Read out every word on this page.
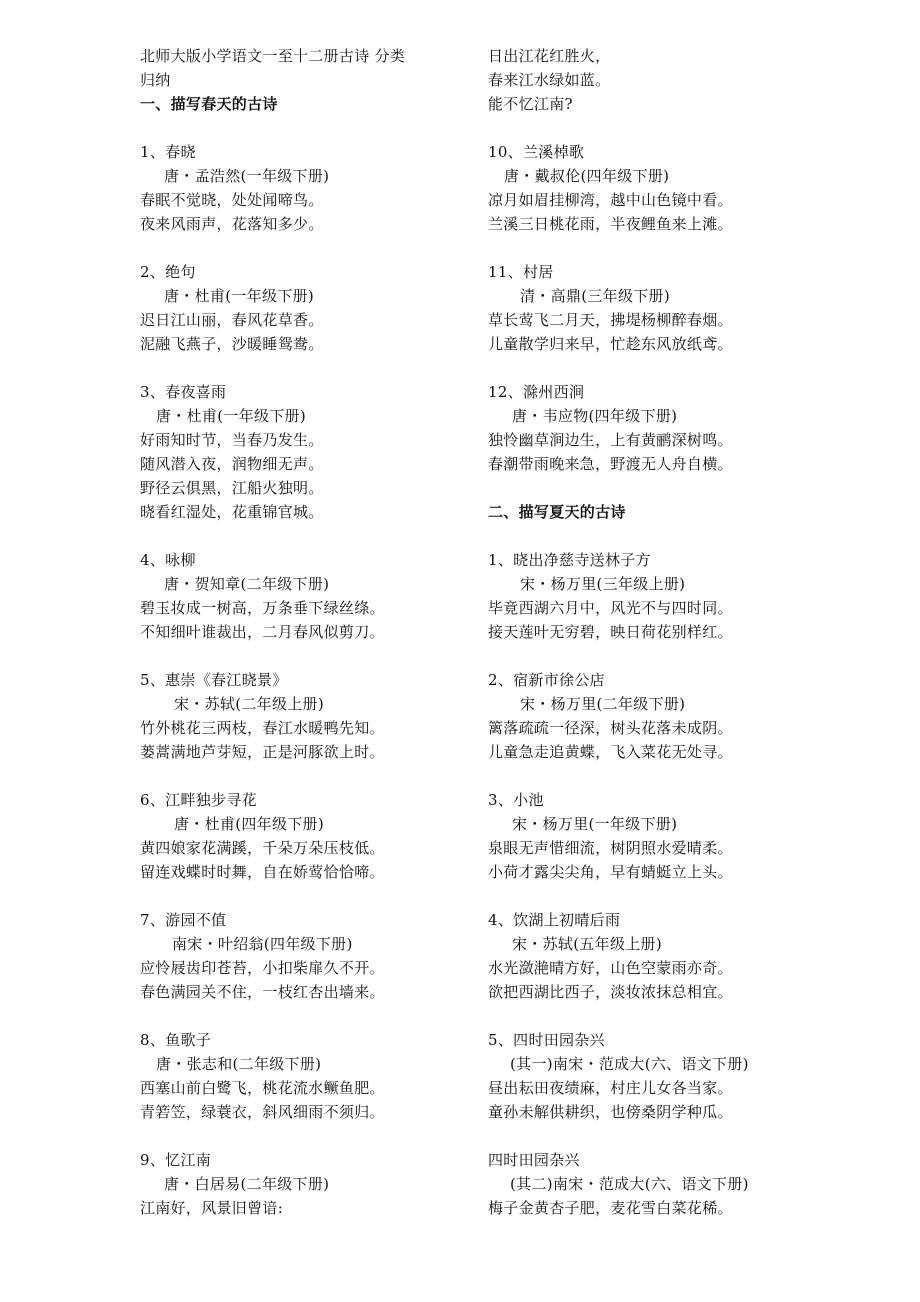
北师大版小学语文一至十二册古诗 分类
归纳
一、描写春天的古诗
1、春晓
唐・孟浩然(一年级下册)
春眠不觉晓，处处闻啼鸟。
夜来风雨声，花落知多少。
2、绝句
唐・杜甫(一年级下册)
迟日江山丽，春风花草香。
泥融飞燕子，沙暖睡鸳鸯。
3、春夜喜雨
唐・杜甫(一年级下册)
好雨知时节，当春乃发生。
随风潜入夜，润物细无声。
野径云俱黑，江船火独明。
晓看红湿处，花重锦官城。
4、咏柳
唐・贺知章(二年级下册)
碧玉妆成一树高，万条垂下绿丝绦。
不知细叶谁裁出，二月春风似剪刀。
5、惠崇《春江晓景》
宋・苏轼(二年级上册)
竹外桃花三两枝，春江水暖鸭先知。
蒌蒿满地芦芽短，正是河豚欲上时。
6、江畔独步寻花
唐・杜甫(四年级下册)
黄四娘家花满蹊，千朵万朵压枝低。
留连戏蝶时时舞，自在娇莺恰恰啼。
7、游园不值
南宋・叶绍翁(四年级下册)
应怜屐齿印苍苔，小扣柴扉久不开。
春色满园关不住，一枝红杏出墙来。
8、鱼歌子
唐・张志和(二年级下册)
西塞山前白鹭飞，桃花流水鳜鱼肥。
青箬笠，绿蓑衣，斜风细雨不须归。
9、忆江南
唐・白居易(二年级下册)
江南好，风景旧曾谙:
日出江花红胜火，
春来江水绿如蓝。
能不忆江南?
10、兰溪棹歌
唐・戴叔伦(四年级下册)
凉月如眉挂柳湾，越中山色镜中看。
兰溪三日桃花雨，半夜鲤鱼来上滩。
11、村居
清・高鼎(三年级下册)
草长莺飞二月天，拂堤杨柳醉春烟。
儿童散学归来早，忙趁东风放纸鸢。
12、滁州西涧
唐・韦应物(四年级下册)
独怜幽草涧边生，上有黄鹂深树鸣。
春潮带雨晚来急，野渡无人舟自横。
二、描写夏天的古诗
1、晓出净慈寺送林子方
宋・杨万里(三年级上册)
毕竟西湖六月中，风光不与四时同。
接天莲叶无穷碧，映日荷花别样红。
2、宿新市徐公店
宋・杨万里(二年级下册)
篱落疏疏一径深，树头花落未成阴。
儿童急走追黄蝶，飞入菜花无处寻。
3、小池
宋・杨万里(一年级下册)
泉眼无声惜细流，树阴照水爱晴柔。
小荷才露尖尖角，早有蜻蜓立上头。
4、饮湖上初晴后雨
宋・苏轼(五年级上册)
水光潋滟晴方好，山色空蒙雨亦奇。
欲把西湖比西子，淡妆浓抹总相宜。
5、四时田园杂兴
(其一)南宋・范成大(六、语文下册)
昼出耘田夜绩麻，村庄儿女各当家。
童孙未解供耕织，也傍桑阴学种瓜。
四时田园杂兴
(其二)南宋・范成大(六、语文下册)
梅子金黄杏子肥，麦花雪白菜花稀。
